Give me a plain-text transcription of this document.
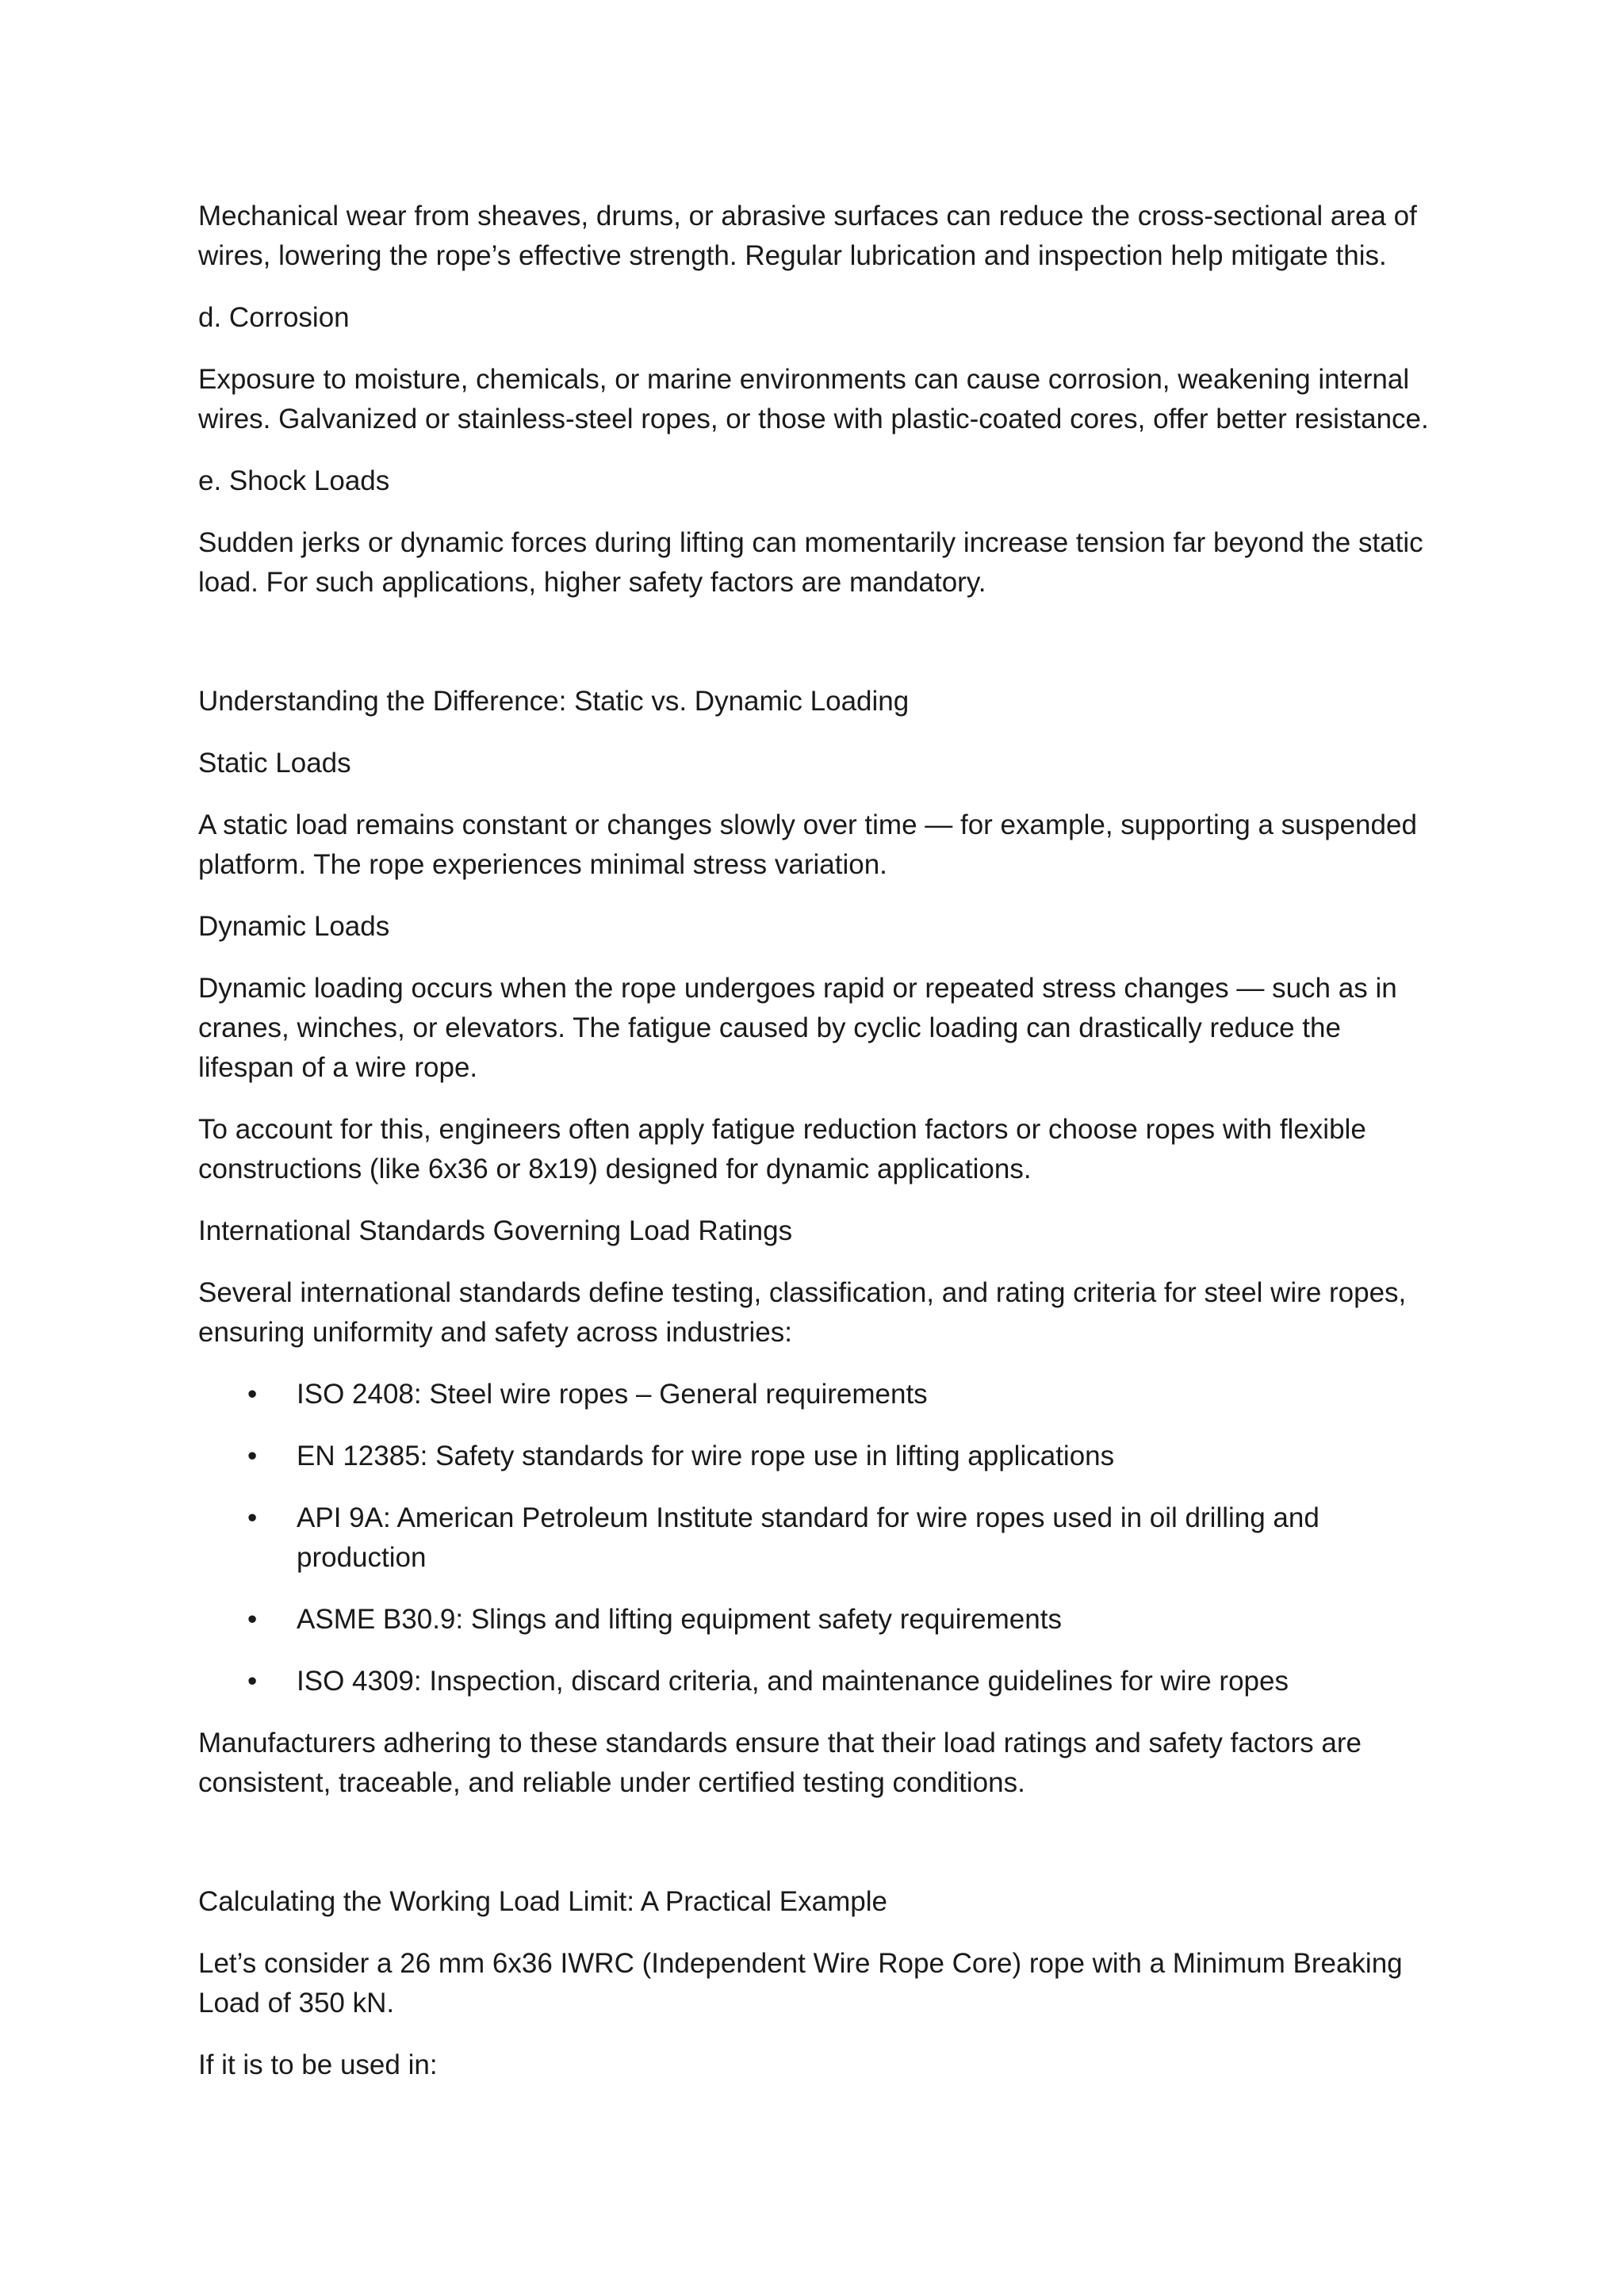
Mechanical wear from sheaves, drums, or abrasive surfaces can reduce the cross-sectional area of wires, lowering the rope’s effective strength. Regular lubrication and inspection help mitigate this.

d. Corrosion

Exposure to moisture, chemicals, or marine environments can cause corrosion, weakening internal wires. Galvanized or stainless-steel ropes, or those with plastic-coated cores, offer better resistance.

e. Shock Loads

Sudden jerks or dynamic forces during lifting can momentarily increase tension far beyond the static load. For such applications, higher safety factors are mandatory.

Understanding the Difference: Static vs. Dynamic Loading

Static Loads

A static load remains constant or changes slowly over time — for example, supporting a suspended platform. The rope experiences minimal stress variation.

Dynamic Loads

Dynamic loading occurs when the rope undergoes rapid or repeated stress changes — such as in cranes, winches, or elevators. The fatigue caused by cyclic loading can drastically reduce the lifespan of a wire rope.

To account for this, engineers often apply fatigue reduction factors or choose ropes with flexible constructions (like 6x36 or 8x19) designed for dynamic applications.

International Standards Governing Load Ratings

Several international standards define testing, classification, and rating criteria for steel wire ropes, ensuring uniformity and safety across industries:

•	ISO 2408: Steel wire ropes – General requirements
•	EN 12385: Safety standards for wire rope use in lifting applications
•	API 9A: American Petroleum Institute standard for wire ropes used in oil drilling and production
•	ASME B30.9: Slings and lifting equipment safety requirements
•	ISO 4309: Inspection, discard criteria, and maintenance guidelines for wire ropes

Manufacturers adhering to these standards ensure that their load ratings and safety factors are consistent, traceable, and reliable under certified testing conditions.

Calculating the Working Load Limit: A Practical Example

Let’s consider a 26 mm 6x36 IWRC (Independent Wire Rope Core) rope with a Minimum Breaking Load of 350 kN.

If it is to be used in:
